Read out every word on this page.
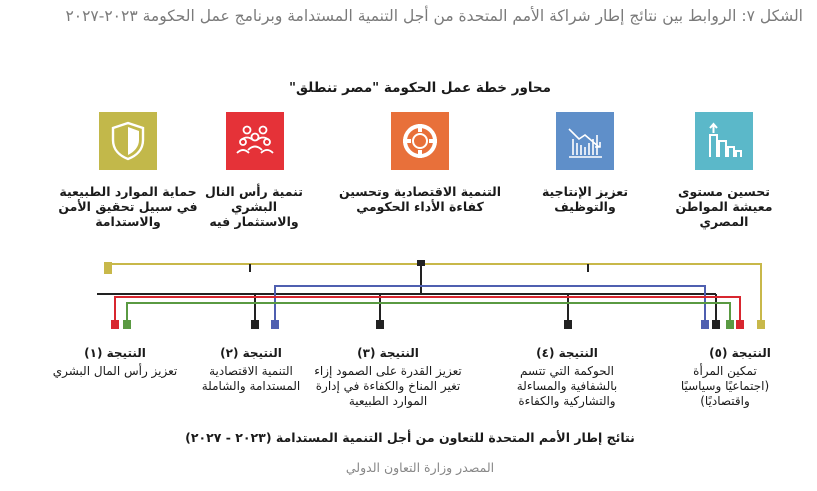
الشكل ٧: الروابط بين نتائج إطار شراكة الأمم المتحدة من أجل التنمية المستدامة وبرنامج عمل الحكومة ٢٠٢٣-٢٠٢٧
محاور خطة عمل الحكومة "مصر تنطلق"
تحسين مستوى
معيشة المواطن
المصري
تعزيز الإنتاجية
والتوظيف
التنمية الاقتصادية وتحسين
كفاءة الأداء الحكومي
تنمية رأس النال
البشري
والاستثمار فيه
حماية الموارد الطبيعية
في سبيل تحقيق الأمن
والاستدامة
النتيجة (٥)
تمكين المرأة
(اجتماعيًا وسياسيًا
واقتصاديًا)
النتيجة (٤)
الحوكمة التي تتسم
بالشفافية والمساءلة
والتشاركية والكفاءة
النتيجة (٣)
تعزيز القدرة على الصمود إزاء
تغير المناخ والكفاءة في إدارة
الموارد الطبيعية
النتيجة (٢)
التنمية الاقتصادية
المستدامة والشاملة
النتيجة (١)
تعزيز رأس المال البشري
نتائج إطار الأمم المتحدة للتعاون من أجل التنمية المستدامة (٢٠٢٣ - ٢٠٢٧)
المصدر وزارة التعاون الدولي
